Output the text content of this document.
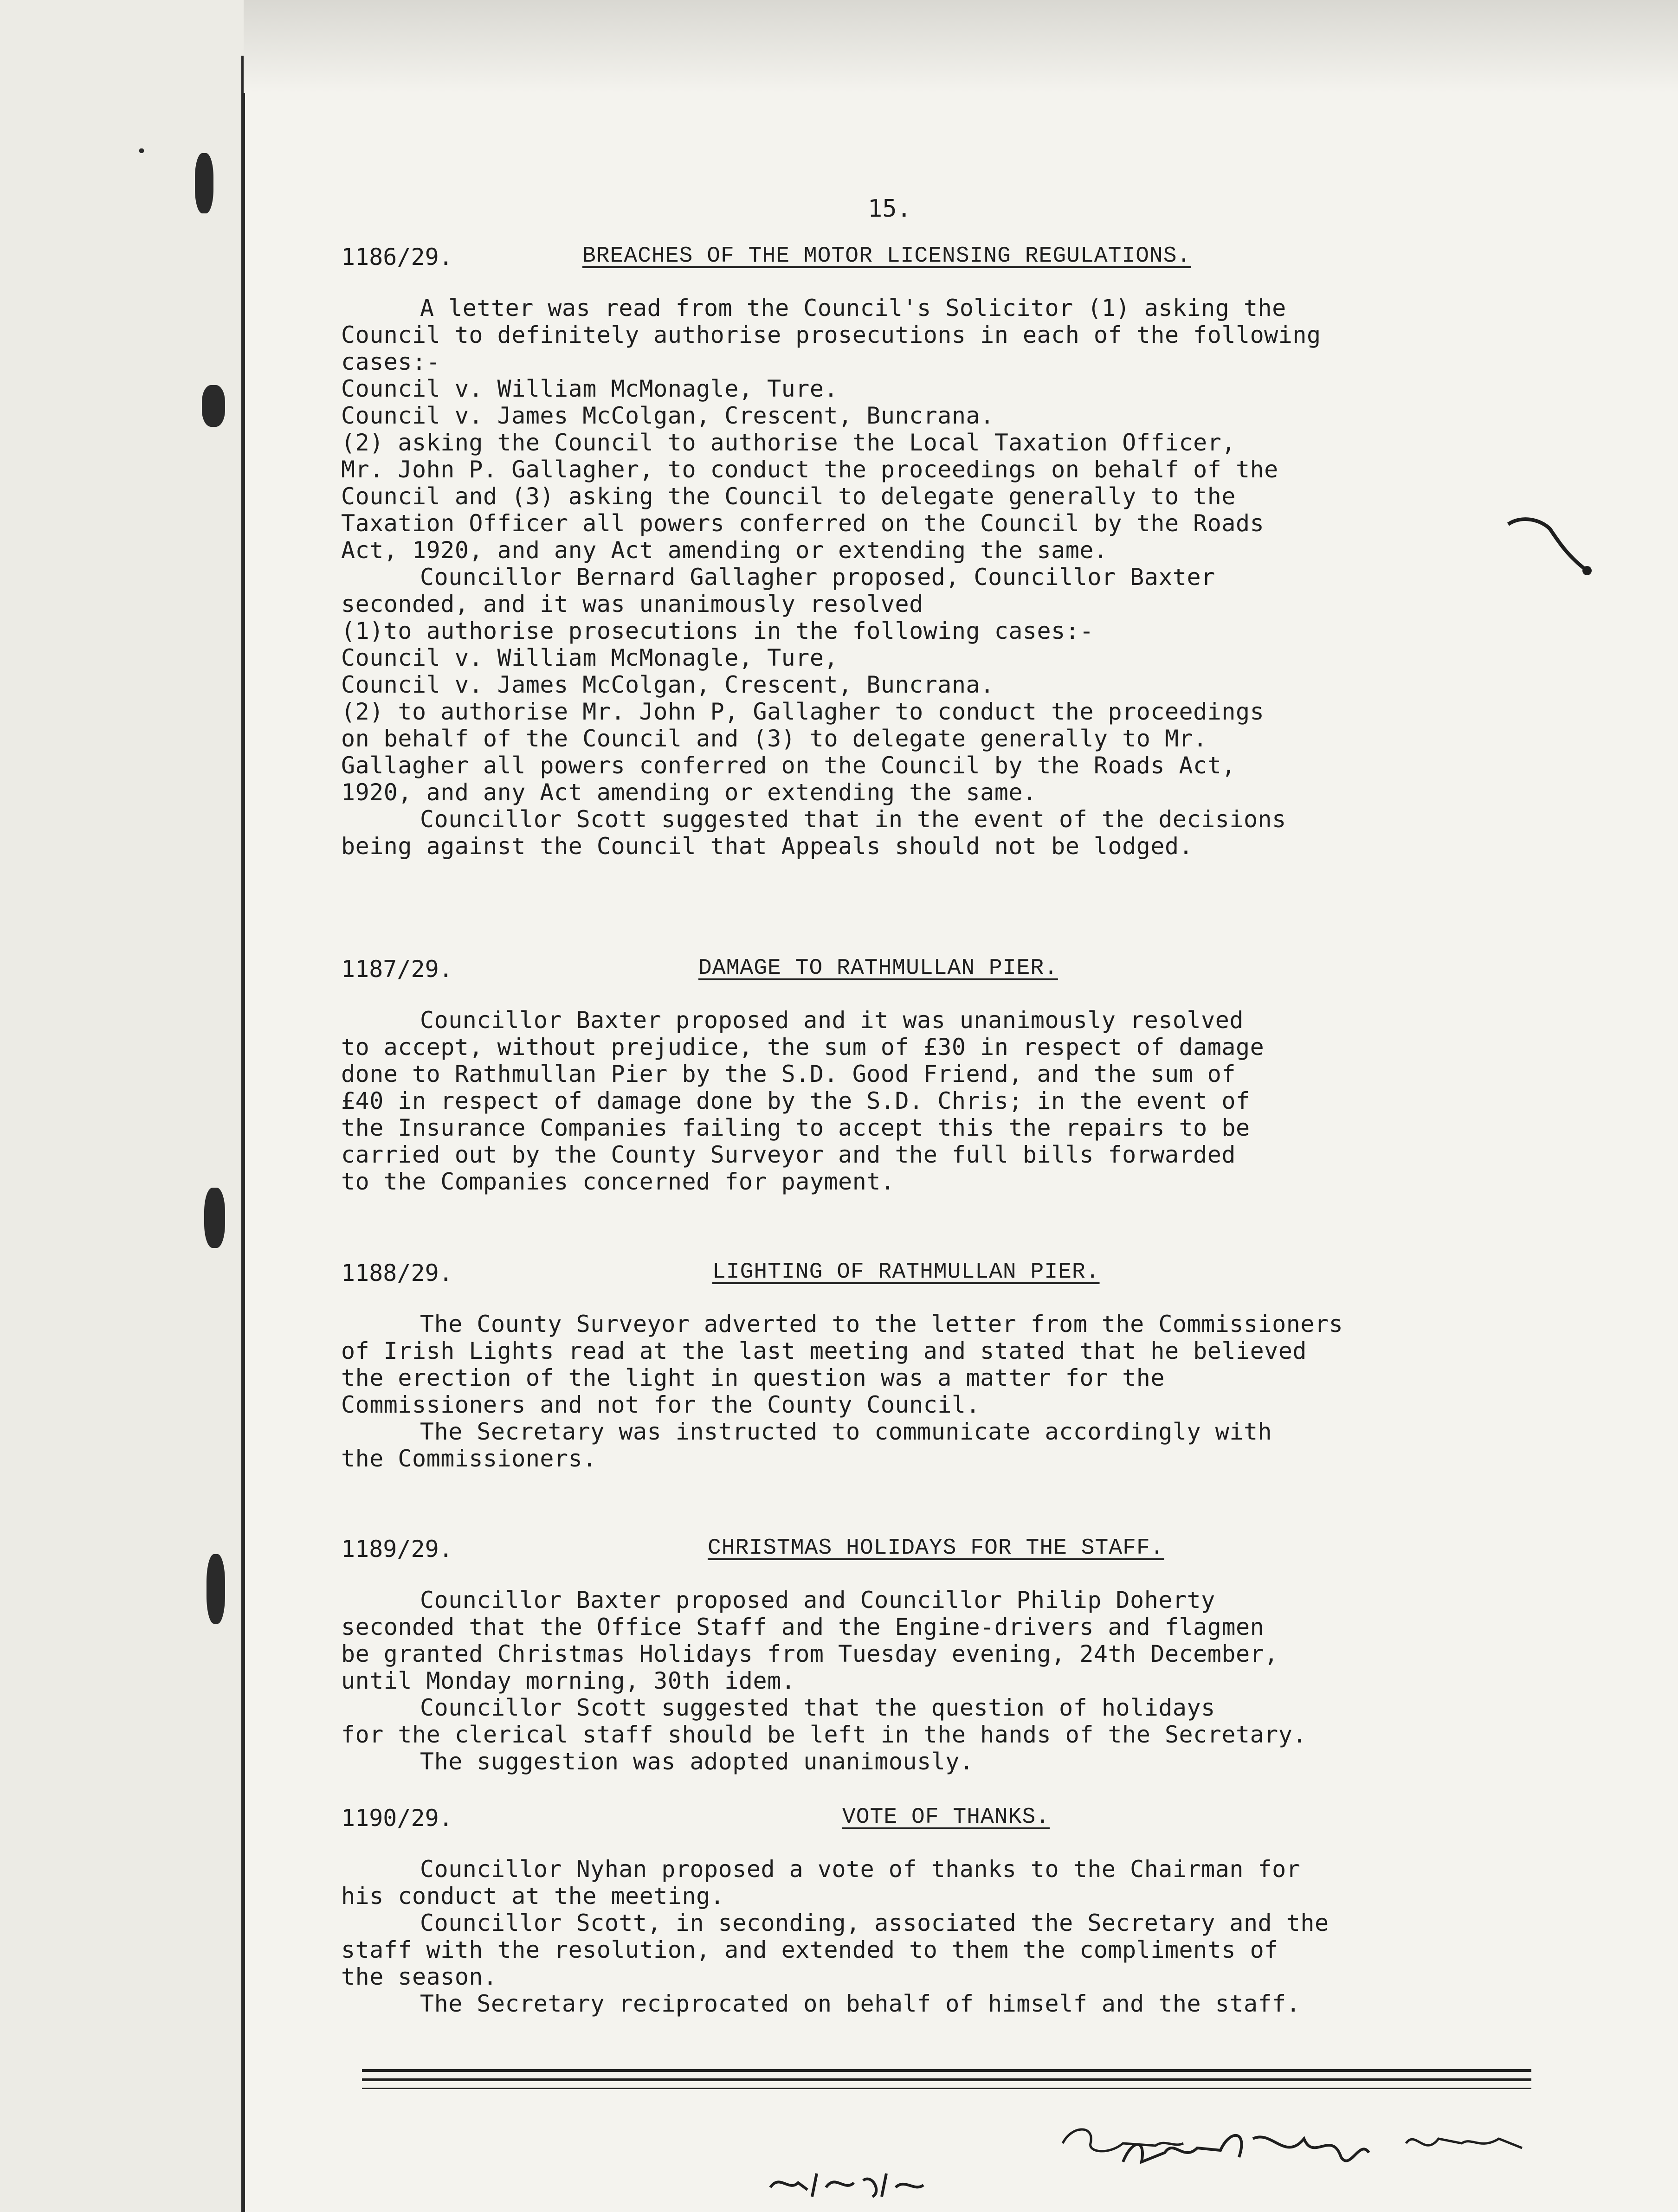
15.
1186/29.	BREACHES OF THE MOTOR LICENSING REGULATIONS.
A letter was read from the Council's Solicitor (1) asking the
Council to definitely authorise prosecutions in each of the following
cases:-
Council v. William McMonagle, Ture.
Council v. James McColgan, Crescent, Buncrana.
(2) asking the Council to authorise the Local Taxation Officer,
Mr. John P. Gallagher, to conduct the proceedings on behalf of the
Council and (3) asking the Council to delegate generally to the
Taxation Officer all powers conferred on the Council by the Roads
Act, 1920, and any Act amending or extending the same.
Councillor Bernard Gallagher proposed, Councillor Baxter
seconded, and it was unanimously resolved
(1)to authorise prosecutions in the following cases:-
Council v. William McMonagle, Ture,
Council v. James McColgan, Crescent, Buncrana.
(2) to authorise Mr. John P, Gallagher to conduct the proceedings
on behalf of the Council and (3) to delegate generally to Mr.
Gallagher all powers conferred on the Council by the Roads Act,
1920, and any Act amending or extending the same.
Councillor Scott suggested that in the event of the decisions
being against the Council that Appeals should not be lodged.
1187/29.	DAMAGE TO RATHMULLAN PIER.
Councillor Baxter proposed and it was unanimously resolved
to accept, without prejudice, the sum of £30 in respect of damage
done to Rathmullan Pier by the S.D. Good Friend, and the sum of
£40 in respect of damage done by the S.D. Chris; in the event of
the Insurance Companies failing to accept this the repairs to be
carried out by the County Surveyor and the full bills forwarded
to the Companies concerned for payment.
1188/29.	LIGHTING OF RATHMULLAN PIER.
The County Surveyor adverted to the letter from the Commissioners
of Irish Lights read at the last meeting and stated that he believed
the erection of the light in question was a matter for the
Commissioners and not for the County Council.
The Secretary was instructed to communicate accordingly with
the Commissioners.
1189/29.	CHRISTMAS HOLIDAYS FOR THE STAFF.
Councillor Baxter proposed and Councillor Philip Doherty
seconded that the Office Staff and the Engine-drivers and flagmen
be granted Christmas Holidays from Tuesday evening, 24th December,
until Monday morning, 30th idem.
Councillor Scott suggested that the question of holidays
for the clerical staff should be left in the hands of the Secretary.
The suggestion was adopted unanimously.
1190/29.	VOTE OF THANKS.
Councillor Nyhan proposed a vote of thanks to the Chairman for
his conduct at the meeting.
Councillor Scott, in seconding, associated the Secretary and the
staff with the resolution, and extended to them the compliments of
the season.
The Secretary reciprocated on behalf of himself and the staff.
